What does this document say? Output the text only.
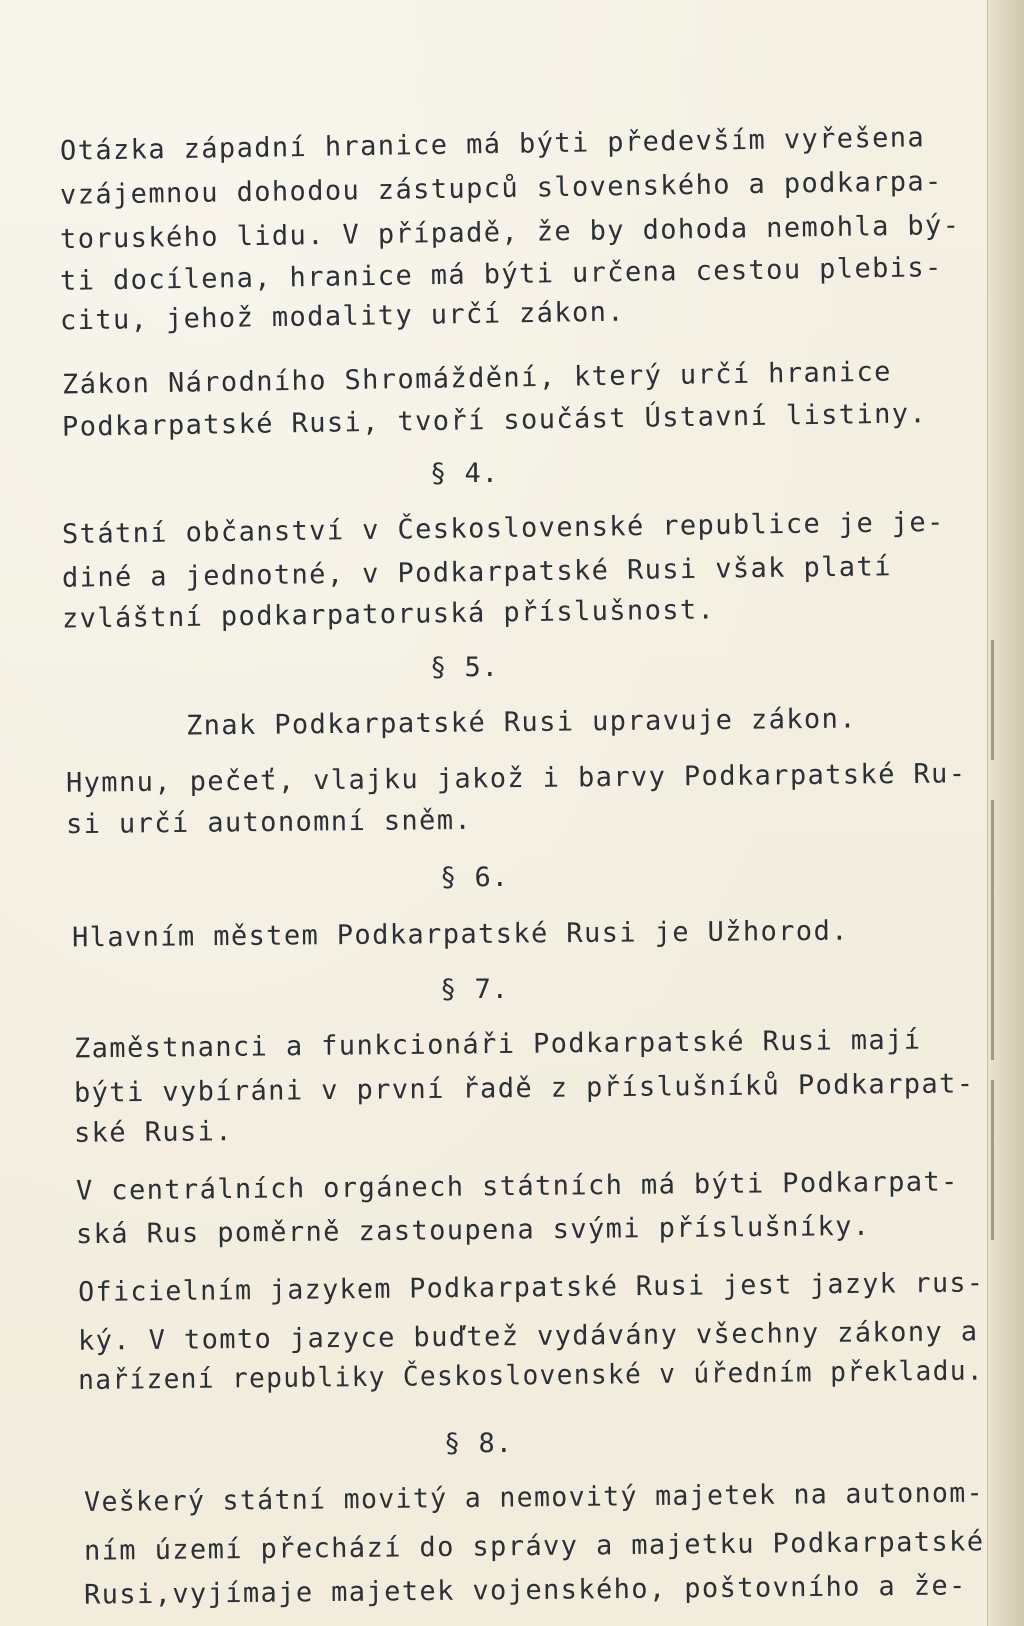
Otázka západní hranice má býti především vyřešena
vzájemnou dohodou zástupců slovenského a podkarpa-
toruského lidu. V případě, že by dohoda nemohla bý-
ti docílena, hranice má býti určena cestou plebis-
citu, jehož modality určí zákon.
Zákon Národního Shromáždění, který určí hranice
Podkarpatské Rusi, tvoří součást Ústavní listiny.
§ 4.
Státní občanství v Československé republice je je-
diné a jednotné, v Podkarpatské Rusi však platí
zvláštní podkarpatoruská příslušnost.
§ 5.
Znak Podkarpatské Rusi upravuje zákon.
Hymnu, pečeť, vlajku jakož i barvy Podkarpatské Ru-
si určí autonomní sněm.
§ 6.
Hlavním městem Podkarpatské Rusi je Užhorod.
§ 7.
Zaměstnanci a funkcionáři Podkarpatské Rusi mají
býti vybíráni v první řadě z příslušníků Podkarpat-
ské Rusi.
V centrálních orgánech státních má býti Podkarpat-
ská Rus poměrně zastoupena svými příslušníky.
Oficielním jazykem Podkarpatské Rusi jest jazyk rus-
ký. V tomto jazyce buďtež vydávány všechny zákony a
nařízení republiky Československé v úředním překladu.
§ 8.
Veškerý státní movitý a nemovitý majetek na autonom-
ním území přechází do správy a majetku Podkarpatské
Rusi,vyjímaje majetek vojenského, poštovního a že-
